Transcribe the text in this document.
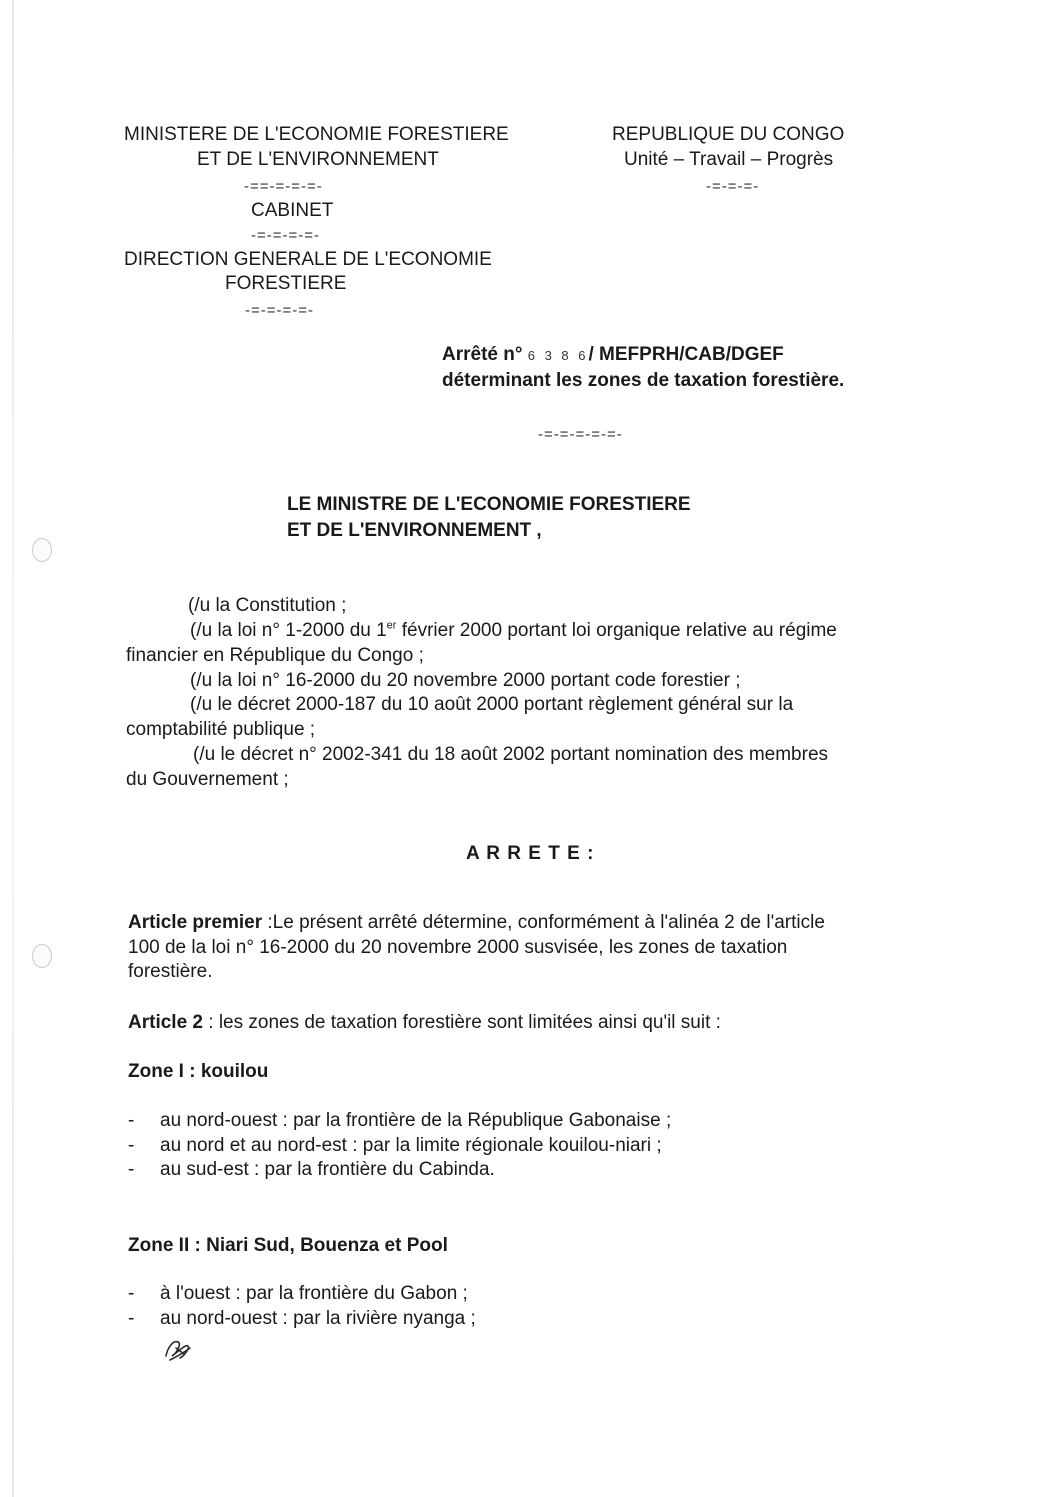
MINISTERE DE L'ECONOMIE FORESTIERE
ET DE L'ENVIRONNEMENT
-==-=-=-=-
CABINET
-=-=-=-=-
DIRECTION GENERALE DE L'ECONOMIE
FORESTIERE
-=-=-=-=-
REPUBLIQUE DU CONGO
Unité – Travail – Progrès
-=-=-=-
Arrêté n° 6 3 8 6/ MEFPRH/CAB/DGEF
déterminant les zones de taxation forestière.
-=-=-=-=-=-
LE MINISTRE DE L'ECONOMIE FORESTIERE
ET DE L'ENVIRONNEMENT ,
(/u la Constitution ;
(/u la loi n° 1-2000 du 1er février 2000 portant loi organique relative au régime
financier en République du Congo ;
(/u la loi n° 16-2000 du 20 novembre 2000 portant code forestier ;
(/u le décret 2000-187 du 10 août 2000 portant règlement général sur la
comptabilité publique ;
(/u le décret n° 2002-341 du 18 août 2002 portant nomination des membres
du Gouvernement ;
A R R E T E :
Article premier :Le présent arrêté détermine, conformément à l'alinéa 2 de l'article
100 de la loi n° 16-2000 du 20 novembre 2000 susvisée, les zones de taxation
forestière.
Article 2 : les zones de taxation forestière sont limitées ainsi qu'il suit :
Zone I : kouilou
- au nord-ouest : par la frontière de la République Gabonaise ;
- au nord et au nord-est : par la limite régionale kouilou-niari ;
- au sud-est : par la frontière du Cabinda.
Zone II : Niari Sud, Bouenza et Pool
- à l'ouest : par la frontière du Gabon ;
- au nord-ouest : par la rivière nyanga ;
